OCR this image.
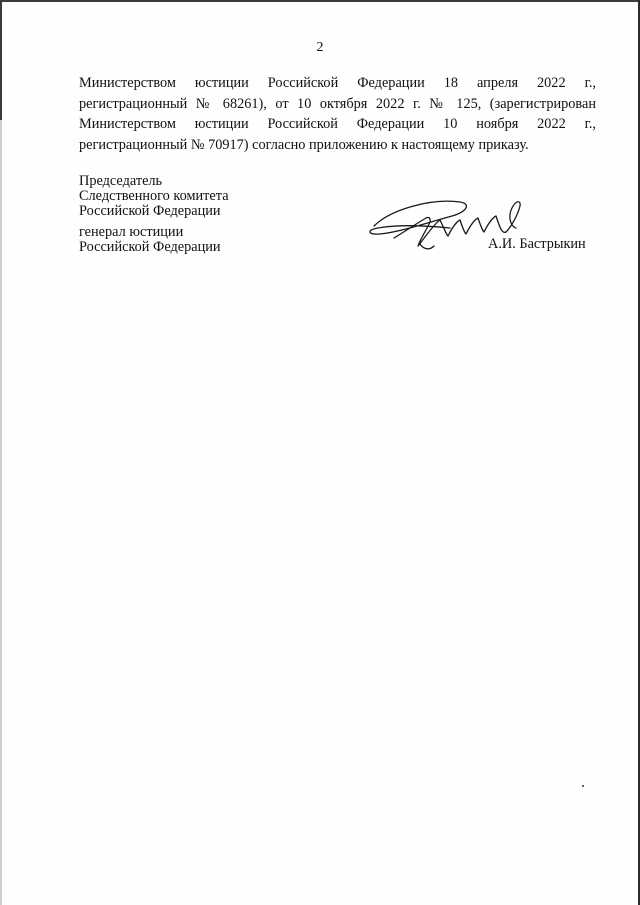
2
Министерством юстиции Российской Федерации 18 апреля 2022 г.,
регистрационный № 68261), от 10 октября 2022 г. № 125, (зарегистрирован
Министерством юстиции Российской Федерации 10 ноября 2022 г.,
регистрационный № 70917) согласно приложению к настоящему приказу.
Председатель
Следственного комитета
Российской Федерации
генерал юстиции
Российской Федерации	А.И. Бастрыкин
